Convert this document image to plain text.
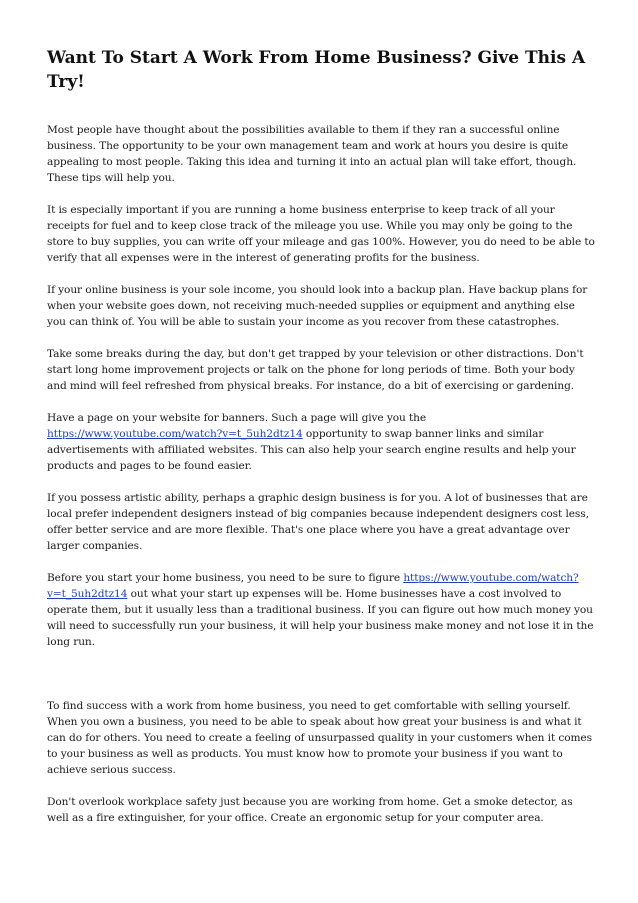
Want To Start A Work From Home Business? Give This A Try!

Most people have thought about the possibilities available to them if they ran a successful online business. The opportunity to be your own management team and work at hours you desire is quite appealing to most people. Taking this idea and turning it into an actual plan will take effort, though. These tips will help you.

It is especially important if you are running a home business enterprise to keep track of all your receipts for fuel and to keep close track of the mileage you use. While you may only be going to the store to buy supplies, you can write off your mileage and gas 100%. However, you do need to be able to verify that all expenses were in the interest of generating profits for the business.

If your online business is your sole income, you should look into a backup plan. Have backup plans for when your website goes down, not receiving much-needed supplies or equipment and anything else you can think of. You will be able to sustain your income as you recover from these catastrophes.

Take some breaks during the day, but don't get trapped by your television or other distractions. Don't start long home improvement projects or talk on the phone for long periods of time. Both your body and mind will feel refreshed from physical breaks. For instance, do a bit of exercising or gardening.

Have a page on your website for banners. Such a page will give you the https://www.youtube.com/watch?v=t_5uh2dtz14 opportunity to swap banner links and similar advertisements with affiliated websites. This can also help your search engine results and help your products and pages to be found easier.

If you possess artistic ability, perhaps a graphic design business is for you. A lot of businesses that are local prefer independent designers instead of big companies because independent designers cost less, offer better service and are more flexible. That's one place where you have a great advantage over larger companies.

Before you start your home business, you need to be sure to figure https://www.youtube.com/watch?v=t_5uh2dtz14 out what your start up expenses will be. Home businesses have a cost involved to operate them, but it usually less than a traditional business. If you can figure out how much money you will need to successfully run your business, it will help your business make money and not lose it in the long run.

To find success with a work from home business, you need to get comfortable with selling yourself. When you own a business, you need to be able to speak about how great your business is and what it can do for others. You need to create a feeling of unsurpassed quality in your customers when it comes to your business as well as products. You must know how to promote your business if you want to achieve serious success.

Don't overlook workplace safety just because you are working from home. Get a smoke detector, as well as a fire extinguisher, for your office. Create an ergonomic setup for your computer area.
